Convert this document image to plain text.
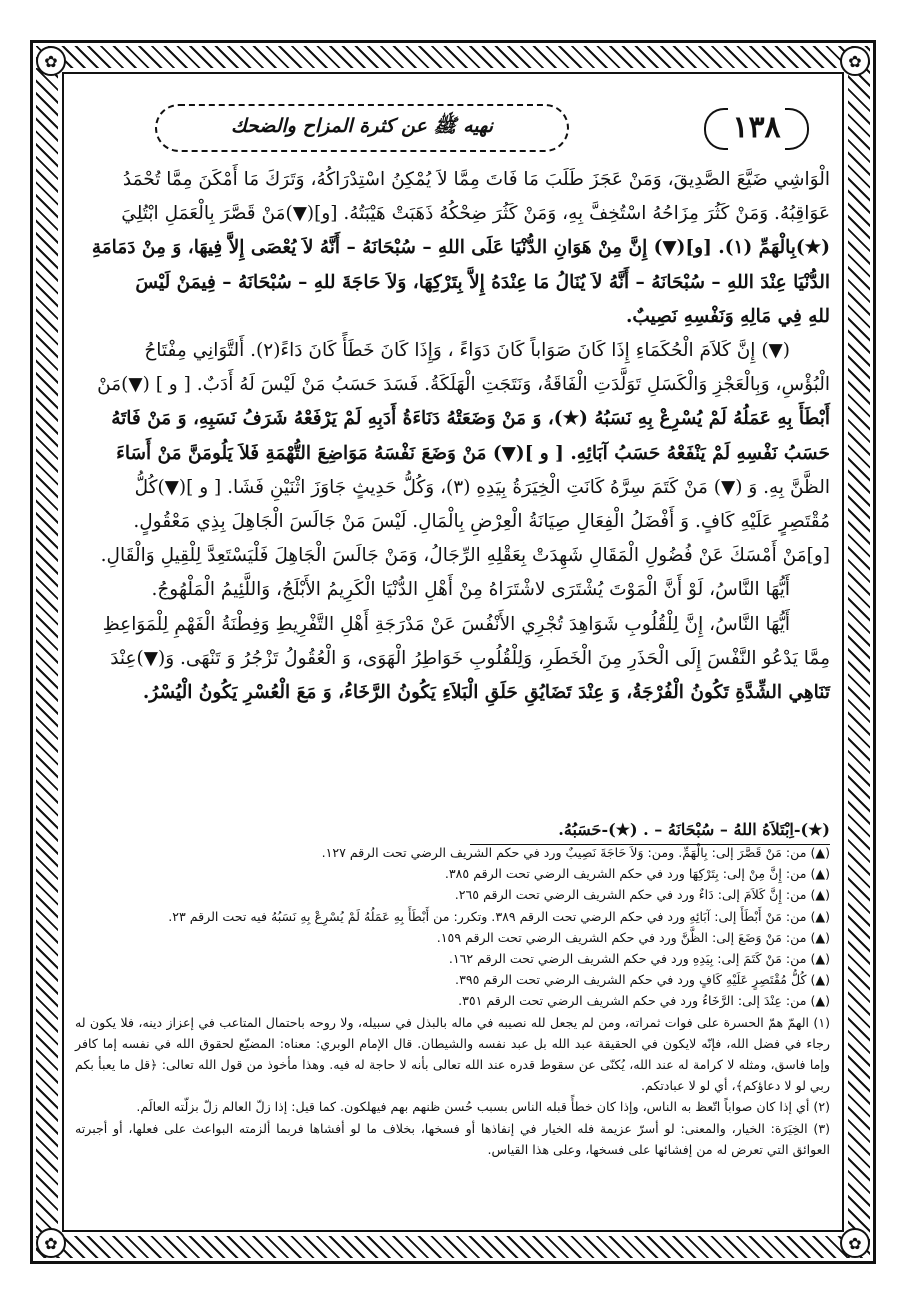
✿	✿
✿	✿
نهيه ﷺ عن كثرة المزاح والضحك	١٣٨

الْوَاشِي ضَيَّعَ الصَّدِيقَ، وَمَنْ عَجَزَ طَلَبَ مَا فَاتَ مِمَّا لاَ يُمْكِنُ اسْتِدْرَاكُهُ، وَتَرَكَ مَا أَمْكَنَ مِمَّا تُحْمَدُ

عَوَاقِبُهُ. وَمَنْ كَثُرَ مِزَاحُهُ اسْتُخِفَّ بِهِ، وَمَنْ كَثُرَ ضِحْكُهُ ذَهَبَتْ هَيْبَتُهُ. [و](▼)مَنْ قَصَّرَ بِالْعَمَلِ ابْتُلِيَ

(★)بِالْهَمِّ (١). [و](▼) إِنَّ مِنْ هَوَانِ الدُّنْيَا عَلَى اللهِ – سُبْحَانَهُ – أَنَّهُ لاَ يُعْصَى إِلاَّ فِيهَا، وَ مِنْ دَمَامَةِ

الدُّنْيَا عِنْدَ اللهِ – سُبْحَانَهُ – أَنَّهُ لاَ يُنَالُ مَا عِنْدَهُ إِلاَّ بِتَرْكِهَا، وَلاَ حَاجَةَ للهِ – سُبْحَانَهُ – فِيمَنْ لَيْسَ

للهِ فِي مَالِهِ وَنَفْسِهِ نَصِيبٌ.

(▼) إِنَّ كَلاَمَ الْحُكَمَاءِ إِذَا كَانَ صَوَاباً كَانَ دَوَاءً ، وَإِذَا كَانَ خَطَأً كَانَ دَاءً(٢). أَلتَّوَانِي مِفْتَاحُ

الْبُؤْسِ، وَبِالْعَجْزِ وَالْكَسَلِ تَوَلَّدَتِ الْفَاقَةُ، وَنَتَجَتِ الْهَلَكَةُ. فَسَدَ حَسَبُ مَنْ لَيْسَ لَهُ أَدَبٌ. [ و ] (▼)مَنْ

أَبْطَأَ بِهِ عَمَلُهُ لَمْ يُسْرِعْ بِهِ نَسَبُهُ (★)، وَ مَنْ وَضَعَتْهُ دَنَاءَةُ أَدَبِهِ لَمْ يَرْفَعْهُ شَرَفُ نَسَبِهِ، وَ مَنْ فَاتَهُ

حَسَبُ نَفْسِهِ لَمْ يَنْفَعْهُ حَسَبُ آبَائِهِ. [ و ](▼) مَنْ وَضَعَ نَفْسَهُ مَوَاضِعَ التُّهْمَةِ فَلاَ يَلُومَنَّ مَنْ أَسَاءَ

الظَّنَّ بِهِ. وَ (▼) مَنْ كَتَمَ سِرَّهُ كَانَتِ الْخِيَرَةُ بِيَدِهِ (٣)، وَكُلُّ حَدِيثٍ جَاوَزَ اثْنَيْنِ فَشَا. [ و ](▼)كُلُّ

مُقْتَصِرٍ عَلَيْهِ كَافٍ. وَ أَفْضَلُ الْفِعَالِ صِيَانَةُ الْعِرْضِ بِالْمَالِ. لَيْسَ مَنْ جَالَسَ الْجَاهِلَ بِذِي مَعْقُولٍ.

[و]مَنْ أَمْسَكَ عَنْ فُضُولِ الْمَقَالِ شَهِدَتْ بِعَقْلِهِ الرِّجَالُ، وَمَنْ جَالَسَ الْجَاهِلَ فَلْيَسْتَعِدَّ لِلْقِيلِ وَالْقَالِ.

أَيُّهَا النَّاسُ، لَوْ أَنَّ الْمَوْتَ يُشْتَرَى لاشْتَرَاهُ مِنْ أَهْلِ الدُّنْيَا الْكَرِيمُ الأَبْلَجُ، وَاللَّئِيمُ الْمَلْهُوجُ.

أَيُّهَا النَّاسُ، إِنَّ لِلْقُلُوبِ شَوَاهِدَ تُجْرِي الأَنْفُسَ عَنْ مَدْرَجَةِ أَهْلِ التَّفْرِيطِ وَفِطْنَةُ الْفَهْمِ لِلْمَوَاعِظِ

مِمَّا يَدْعُو النَّفْسَ إِلَى الْحَذَرِ مِنَ الْخَطَرِ، وَلِلْقُلُوبِ خَوَاطِرُ الْهَوَى، وَ الْعُقُولُ تَزْجُرُ وَ تَنْهَى. وَ(▼)عِنْدَ

تَنَاهِي الشِّدَّةِ تَكُونُ الْفُرْجَةُ، وَ عِنْدَ تَضَايُقِ حَلَقِ الْبَلاَءِ يَكُونُ الرَّخَاءُ، وَ مَعَ الْعُسْرِ يَكُونُ الْيُسْرُ.

(★)-اِبْتَلاَهُ اللهُ – سُبْحَانَهُ – . (★)-حَسَبُهُ.
(▲) من: مَنْ قَصَّرَ إلى: بِالْهَمِّ. ومن: وَلاَ حَاجَةَ نَصِيبٌ ورد في حكم الشريف الرضي تحت الرقم ١٢٧.
(▲) من: إِنَّ مِنْ إلى: بِتَرْكِهَا ورد في حكم الشريف الرضي تحت الرقم ٣٨٥.
(▲) من: إِنَّ كَلاَمَ إلى: دَاءٌ ورد في حكم الشريف الرضي تحت الرقم ٢٦٥.
(▲) من: مَنْ أَبْطَأَ إلى: آبَائِهِ ورد في حكم الرضي تحت الرقم ٣٨٩. وتكرر: من أَبْطَأَ بِهِ عَمَلُهُ لَمْ يُسْرِعْ بِهِ نَسَبُهُ فيه تحت الرقم ٢٣.
(▲) من: مَنْ وَضَعَ إلى: الظَّنَّ ورد في حكم الشريف الرضي تحت الرقم ١٥٩.
(▲) من: مَنْ كَتَمَ إلى: بِيَدِهِ ورد في حكم الشريف الرضي تحت الرقم ١٦٢.
(▲) كُلُّ مُقْتَصِرٍ عَلَيْهِ كَافٍ ورد في حكم الشريف الرضي تحت الرقم ٣٩٥.
(▲) من: عِنْدَ إلى: الرَّخَاءُ ورد في حكم الشريف الرضي تحت الرقم ٣٥١.
(١) الهمّ همّ الحسرة على فوات ثمراته، ومن لم يجعل لله نصيبه في ماله بالبذل في سبيله، ولا روحه باحتمال المتاعب في إعزاز دينه، فلا يكون له رجاء في فضل الله، فإنّه لايكون في الحقيقة عبد الله بل عبد نفسه والشيطان. قال الإمام الوبري: معناه: المضيّع لحقوق الله في نفسه إما كافر وإما فاسق، ومثله لا كرامة له عند الله، يُكنّى عن سقوط قدره عند الله تعالى بأنه لا حاجة له فيه. وهذا مأخوذ من قول الله تعالى: ﴿قل ما يعبأ بكم ربي لو لا دعاؤكم﴾، أي لو لا عبادتكم.
(٢) أي إذا كان صواباً اتّعظ به الناس، وإذا كان خطأً قبله الناس بسبب حُسن ظنهم بهم فيهلكون. كما قيل: إذا زلّ العالم زلّ بزلّته العالَم.
(٣) الخِيَرَة: الخيار، والمعنى: لو أسرّ عزيمة فله الخيار في إنفاذها أو فسخها، بخلاف ما لو أفشاها فربما ألزمته البواعث على فعلها، أو أجبرته العوائق التي تعرض له من إفشائها على فسخها، وعلى هذا القياس.
